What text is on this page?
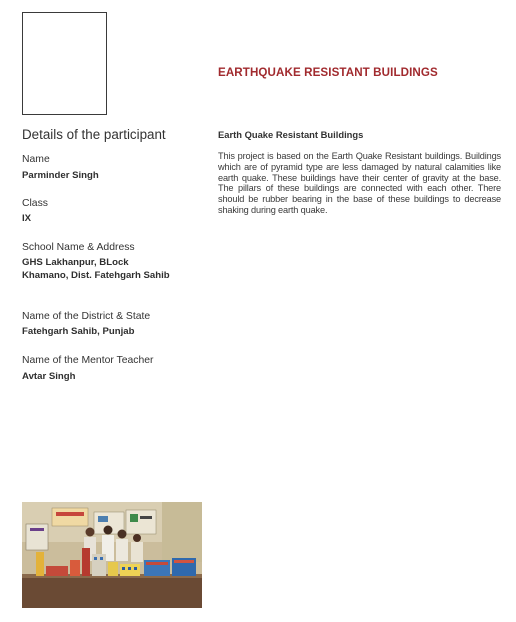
EARTHQUAKE RESISTANT BUILDINGS
Details of the participant
Name
Parminder Singh
Class
IX
School Name & Address
GHS Lakhanpur, BLock
Khamano, Dist. Fatehgarh Sahib
Name of the District & State
Fatehgarh Sahib, Punjab
Name of the Mentor Teacher
Avtar Singh
Earth Quake Resistant Buildings
This project is based on the Earth Quake Resistant buildings. Buildings which are of pyramid type are less damaged by natural calamities like earth quake. These buildings have their center of gravity at the base. The pillars of these buildings are connected with each other. There should be rubber bearing in the base of these buildings to decrease shaking during earth quake.
